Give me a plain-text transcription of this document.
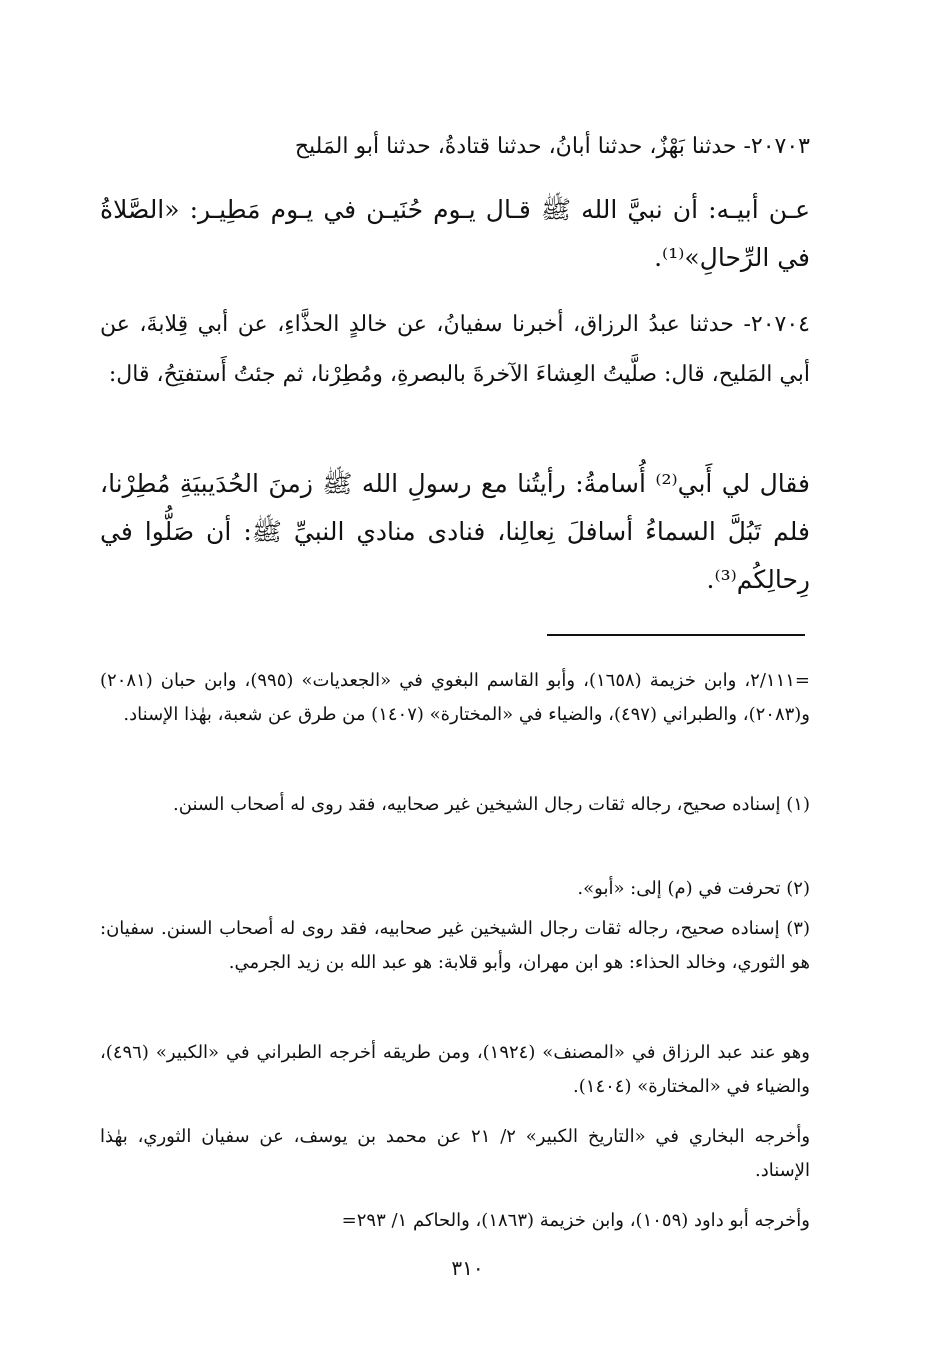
٢٠٧٠٣- حدثنا بَهْزٌ، حدثنا أبانُ، حدثنا قتادةُ، حدثنا أبو المَليح

عـن أبيـه: أن نبيَّ الله ﷺ قـال يـوم حُنَيـن في يـوم مَطِيـر: «الصَّلاةُ في الرِّحالِ»⁽¹⁾.

٢٠٧٠٤- حدثنا عبدُ الرزاق، أخبرنا سفيانُ، عن خالدٍ الحذَّاءِ، عن أبي قِلابةَ، عن أبي المَليح، قال: صلَّيتُ العِشاءَ الآخرةَ بالبصرةِ، ومُطِرْنا، ثم جئتُ أَستفتِحُ، قال:

فقال لي أَبي⁽²⁾ أُسامةُ: رأيتُنا مع رسولِ الله ﷺ زمنَ الحُدَيبيَةِ مُطِرْنا، فلم تَبُلَّ السماءُ أسافلَ نِعالِنا، فنادى منادي النبيِّ ﷺ: أن صَلُّوا في رِحالِكُم⁽³⁾.

=٢/١١١، وابن خزيمة (١٦٥٨)، وأبو القاسم البغوي في «الجعديات» (٩٩٥)، وابن حبان (٢٠٨١) و(٢٠٨٣)، والطبراني (٤٩٧)، والضياء في «المختارة» (١٤٠٧) من طرق عن شعبة، بهٰذا الإسناد.

(١) إسناده صحيح، رجاله ثقات رجال الشيخين غير صحابيه، فقد روى له أصحاب السنن.

(٢) تحرفت في (م) إلى: «أبو».

(٣) إسناده صحيح، رجاله ثقات رجال الشيخين غير صحابيه، فقد روى له أصحاب السنن. سفيان: هو الثوري، وخالد الحذاء: هو ابن مهران، وأبو قلابة: هو عبد الله بن زيد الجرمي.

وهو عند عبد الرزاق في «المصنف» (١٩٢٤)، ومن طريقه أخرجه الطبراني في «الكبير» (٤٩٦)، والضياء في «المختارة» (١٤٠٤).

وأخرجه البخاري في «التاريخ الكبير» ٢/ ٢١ عن محمد بن يوسف، عن سفيان الثوري، بهٰذا الإسناد.

وأخرجه أبو داود (١٠٥٩)، وابن خزيمة (١٨٦٣)، والحاكم ١/ ٢٩٣=

٣١٠
